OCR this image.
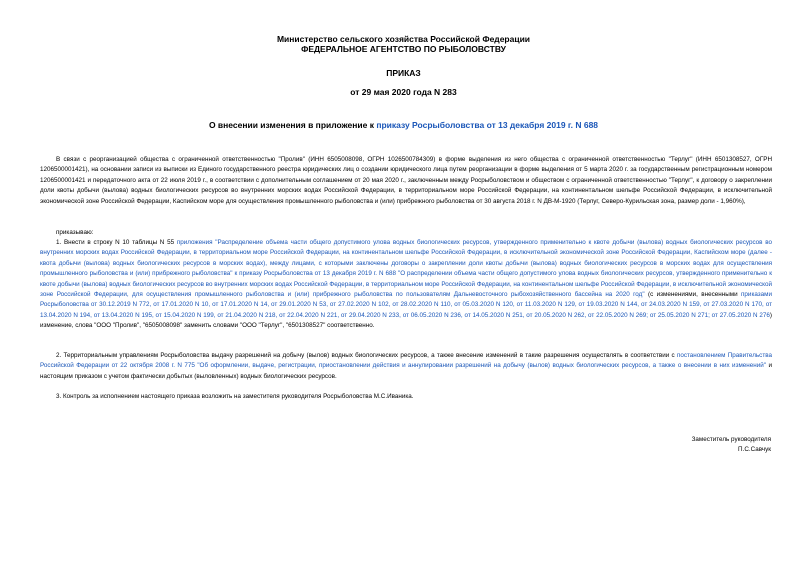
Министерство сельского хозяйства Российской Федерации
ФЕДЕРАЛЬНОЕ АГЕНТСТВО ПО РЫБОЛОВСТВУ
ПРИКАЗ
от 29 мая 2020 года N 283
О внесении изменения в приложение к приказу Росрыболовства от 13 декабря 2019 г. N 688

В связи с реорганизацией общества с ограниченной ответственностью "Пролив" (ИНН 6505008098, ОГРН 1026500784309) в форме выделения из него общества с ограниченной ответственностью "Терлуг" (ИНН 6501308527, ОГРН 1206500001421), на основании записи из выписки из Единого государственного реестра юридических лиц о создании юридического лица путем реорганизации в форме выделения от 5 марта 2020 г. за государственным регистрационным номером 1206500001421 и передаточного акта от 22 июля 2019 г., в соответствии с дополнительным соглашением от 20 мая 2020 г., заключенным между Росрыболовством и обществом с ограниченной ответственностью "Терлуг", к договору о закреплении доли квоты добычи (вылова) водных биологических ресурсов во внутренних морских водах Российской Федерации, в территориальном море Российской Федерации, на континентальном шельфе Российской Федерации, в исключительной экономической зоне Российской Федерации, Каспийском море для осуществления промышленного рыболовства и (или) прибрежного рыболовства от 30 августа 2018 г. N ДВ-М-1920 (Терлуг, Северо-Курильская зона, размер доли - 1,960%),

приказываю:

1. Внести в строку N 10 таблицы N 55 приложения "Распределение объема части общего допустимого улова водных биологических ресурсов, утвержденного применительно к квоте добычи (вылова) водных биологических ресурсов во внутренних морских водах Российской Федерации, в территориальном море Российской Федерации, на континентальном шельфе Российской Федерации, в исключительной экономической зоне Российской Федерации, Каспийском море (далее - квота добычи (вылова) водных биологических ресурсов в морских водах), между лицами, с которыми заключены договоры о закреплении доли квоты добычи (вылова) водных биологических ресурсов в морских водах для осуществления промышленного рыболовства и (или) прибрежного рыболовства" к приказу Росрыболовства от 13 декабря 2019 г. N 688 "О распределении объема части общего допустимого улова водных биологических ресурсов, утвержденного применительно к квоте добычи (вылова) водных биологических ресурсов во внутренних морских водах Российской Федерации, в территориальном море Российской Федерации, на континентальном шельфе Российской Федерации, в исключительной экономической зоне Российской Федерации, для осуществления промышленного рыболовства и (или) прибрежного рыболовства по пользователям Дальневосточного рыбохозяйственного бассейна на 2020 год" (с изменениями, внесенными приказами Росрыболовства от 30.12.2019 N 772, от 17.01.2020 N 10, от 17.01.2020 N 14, от 29.01.2020 N 53, от 27.02.2020 N 102, от 28.02.2020 N 110, от 05.03.2020 N 120, от 11.03.2020 N 129, от 19.03.2020 N 144, от 24.03.2020 N 159, от 27.03.2020 N 170, от 13.04.2020 N 194, от 13.04.2020 N 195, от 15.04.2020 N 199, от 21.04.2020 N 218, от 22.04.2020 N 221, от 29.04.2020 N 233, от 06.05.2020 N 236, от 14.05.2020 N 251, от 20.05.2020 N 262, от 22.05.2020 N 269; от 25.05.2020 N 271; от 27.05.2020 N 276) изменение, слова "ООО "Пролив", "6505008098" заменить словами "ООО "Терлуг", "6501308527" соответственно.

2. Территориальным управлениям Росрыболовства выдачу разрешений на добычу (вылов) водных биологических ресурсов, а также внесение изменений в такие разрешения осуществлять в соответствии с постановлением Правительства Российской Федерации от 22 октября 2008 г. N 775 "Об оформлении, выдаче, регистрации, приостановлении действия и аннулировании разрешений на добычу (вылов) водных биологических ресурсов, а также о внесении в них изменений" и настоящим приказом с учетом фактически добытых (выловленных) водных биологических ресурсов.

3. Контроль за исполнением настоящего приказа возложить на заместителя руководителя Росрыболовства М.С.Иваника.

Заместитель руководителя
П.С.Савчук
